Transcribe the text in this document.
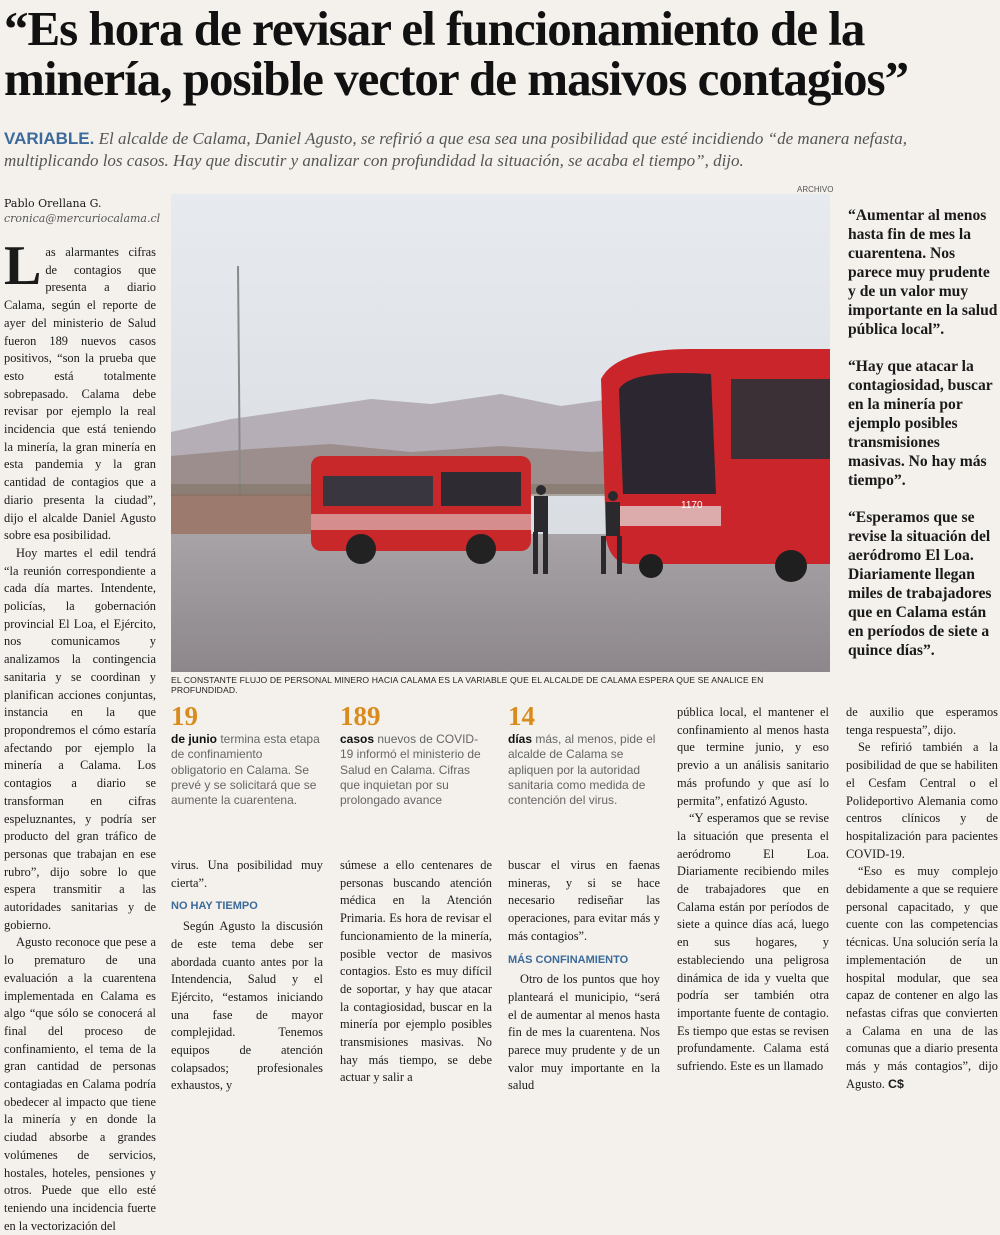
“Es hora de revisar el funcionamiento de la minería, posible vector de masivos contagios”
VARIABLE. El alcalde de Calama, Daniel Agusto, se refirió a que esa sea una posibilidad que esté incidiendo “de manera nefasta, multiplicando los casos. Hay que discutir y analizar con profundidad la situación, se acaba el tiempo”, dijo.
Pablo Orellana G.
cronica@mercuriocalama.cl
ARCHIVO

Las alarmantes cifras de contagios que presenta a diario Calama, según el reporte de ayer del ministerio de Salud fueron 189 nuevos casos positivos, “son la prueba que esto está totalmente sobrepasado. Calama debe revisar por ejemplo la real incidencia que está teniendo la minería, la gran minería en esta pandemia y la gran cantidad de contagios que a diario presenta la ciudad”, dijo el alcalde Daniel Agusto sobre esa posibilidad.

Hoy martes el edil tendrá “la reunión correspondiente a cada día martes. Intendente, policías, la gobernación provincial El Loa, el Ejército, nos comunicamos y analizamos la contingencia sanitaria y se coordinan y planifican acciones conjuntas, instancia en la que propondremos el cómo estaría afectando por ejemplo la minería a Calama. Los contagios a diario se transforman en cifras espeluznantes, y podría ser producto del gran tráfico de personas que trabajan en ese rubro”, dijo sobre lo que espera transmitir a las autoridades sanitarias y de gobierno.

Agusto reconoce que pese a lo prematuro de una evaluación a la cuarentena implementada en Calama es algo “que sólo se conocerá al final del proceso de confinamiento, el tema de la gran cantidad de personas contagiadas en Calama podría obedecer al impacto que tiene la minería y en donde la ciudad absorbe a grandes volúmenes de servicios, hostales, hoteles, pensiones y otros. Puede que ello esté teniendo una incidencia fuerte en la vectorización del

1170
EL CONSTANTE FLUJO DE PERSONAL MINERO HACIA CALAMA ES LA VARIABLE QUE EL ALCALDE DE CALAMA ESPERA QUE SE ANALICE EN PROFUNDIDAD.

“Aumentar al menos hasta fin de mes la cuarentena. Nos parece muy prudente y de un valor muy importante en la salud pública local”.

“Hay que atacar la contagiosidad, buscar en la minería por ejemplo posibles transmisiones masivas. No hay más tiempo”.

“Esperamos que se revise la situación del aeródromo El Loa. Diariamente llegan miles de trabajadores que en Calama están en períodos de siete a quince días”.

19
de junio termina esta etapa de confinamiento obligatorio en Calama. Se prevé y se solicitará que se aumente la cuarentena.
189
casos nuevos de COVID-19 informó el ministerio de Salud en Calama. Cifras que inquietan por su prolongado avance
14
días más, al menos, pide el alcalde de Calama se apliquen por la autoridad sanitaria como medida de contención del virus.

virus. Una posibilidad muy cierta”.

NO HAY TIEMPO

Según Agusto la discusión de este tema debe ser abordada cuanto antes por la Intendencia, Salud y el Ejército, “estamos iniciando una fase de mayor complejidad. Tenemos equipos de atención colapsados; profesionales exhaustos, y

súmese a ello centenares de personas buscando atención médica en la Atención Primaria. Es hora de revisar el funcionamiento de la minería, posible vector de masivos contagios. Esto es muy difícil de soportar, y hay que atacar la contagiosidad, buscar en la minería por ejemplo posibles transmisiones masivas. No hay más tiempo, se debe actuar y salir a

buscar el virus en faenas mineras, y si se hace necesario rediseñar las operaciones, para evitar más y más contagios”.

MÁS CONFINAMIENTO

Otro de los puntos que hoy planteará el municipio, “será el de aumentar al menos hasta fin de mes la cuarentena. Nos parece muy prudente y de un valor muy importante en la salud

pública local, el mantener el confinamiento al menos hasta que termine junio, y eso previo a un análisis sanitario más profundo y que así lo permita”, enfatizó Agusto.

“Y esperamos que se revise la situación que presenta el aeródromo El Loa. Diariamente recibiendo miles de trabajadores que en Calama están por períodos de siete a quince días acá, luego en sus hogares, y estableciendo una peligrosa dinámica de ida y vuelta que podría ser también otra importante fuente de contagio. Es tiempo que estas se revisen profundamente. Calama está sufriendo. Este es un llamado

de auxilio que esperamos tenga respuesta”, dijo.

Se refirió también a la posibilidad de que se habiliten el Cesfam Central o el Polideportivo Alemania como centros clínicos y de hospitalización para pacientes COVID-19.

“Eso es muy complejo debidamente a que se requiere personal capacitado, y que cuente con las competencias técnicas. Una solución sería la implementación de un hospital modular, que sea capaz de contener en algo las nefastas cifras que convierten a Calama en una de las comunas que a diario presenta más y más contagios”, dijo Agusto. C$
